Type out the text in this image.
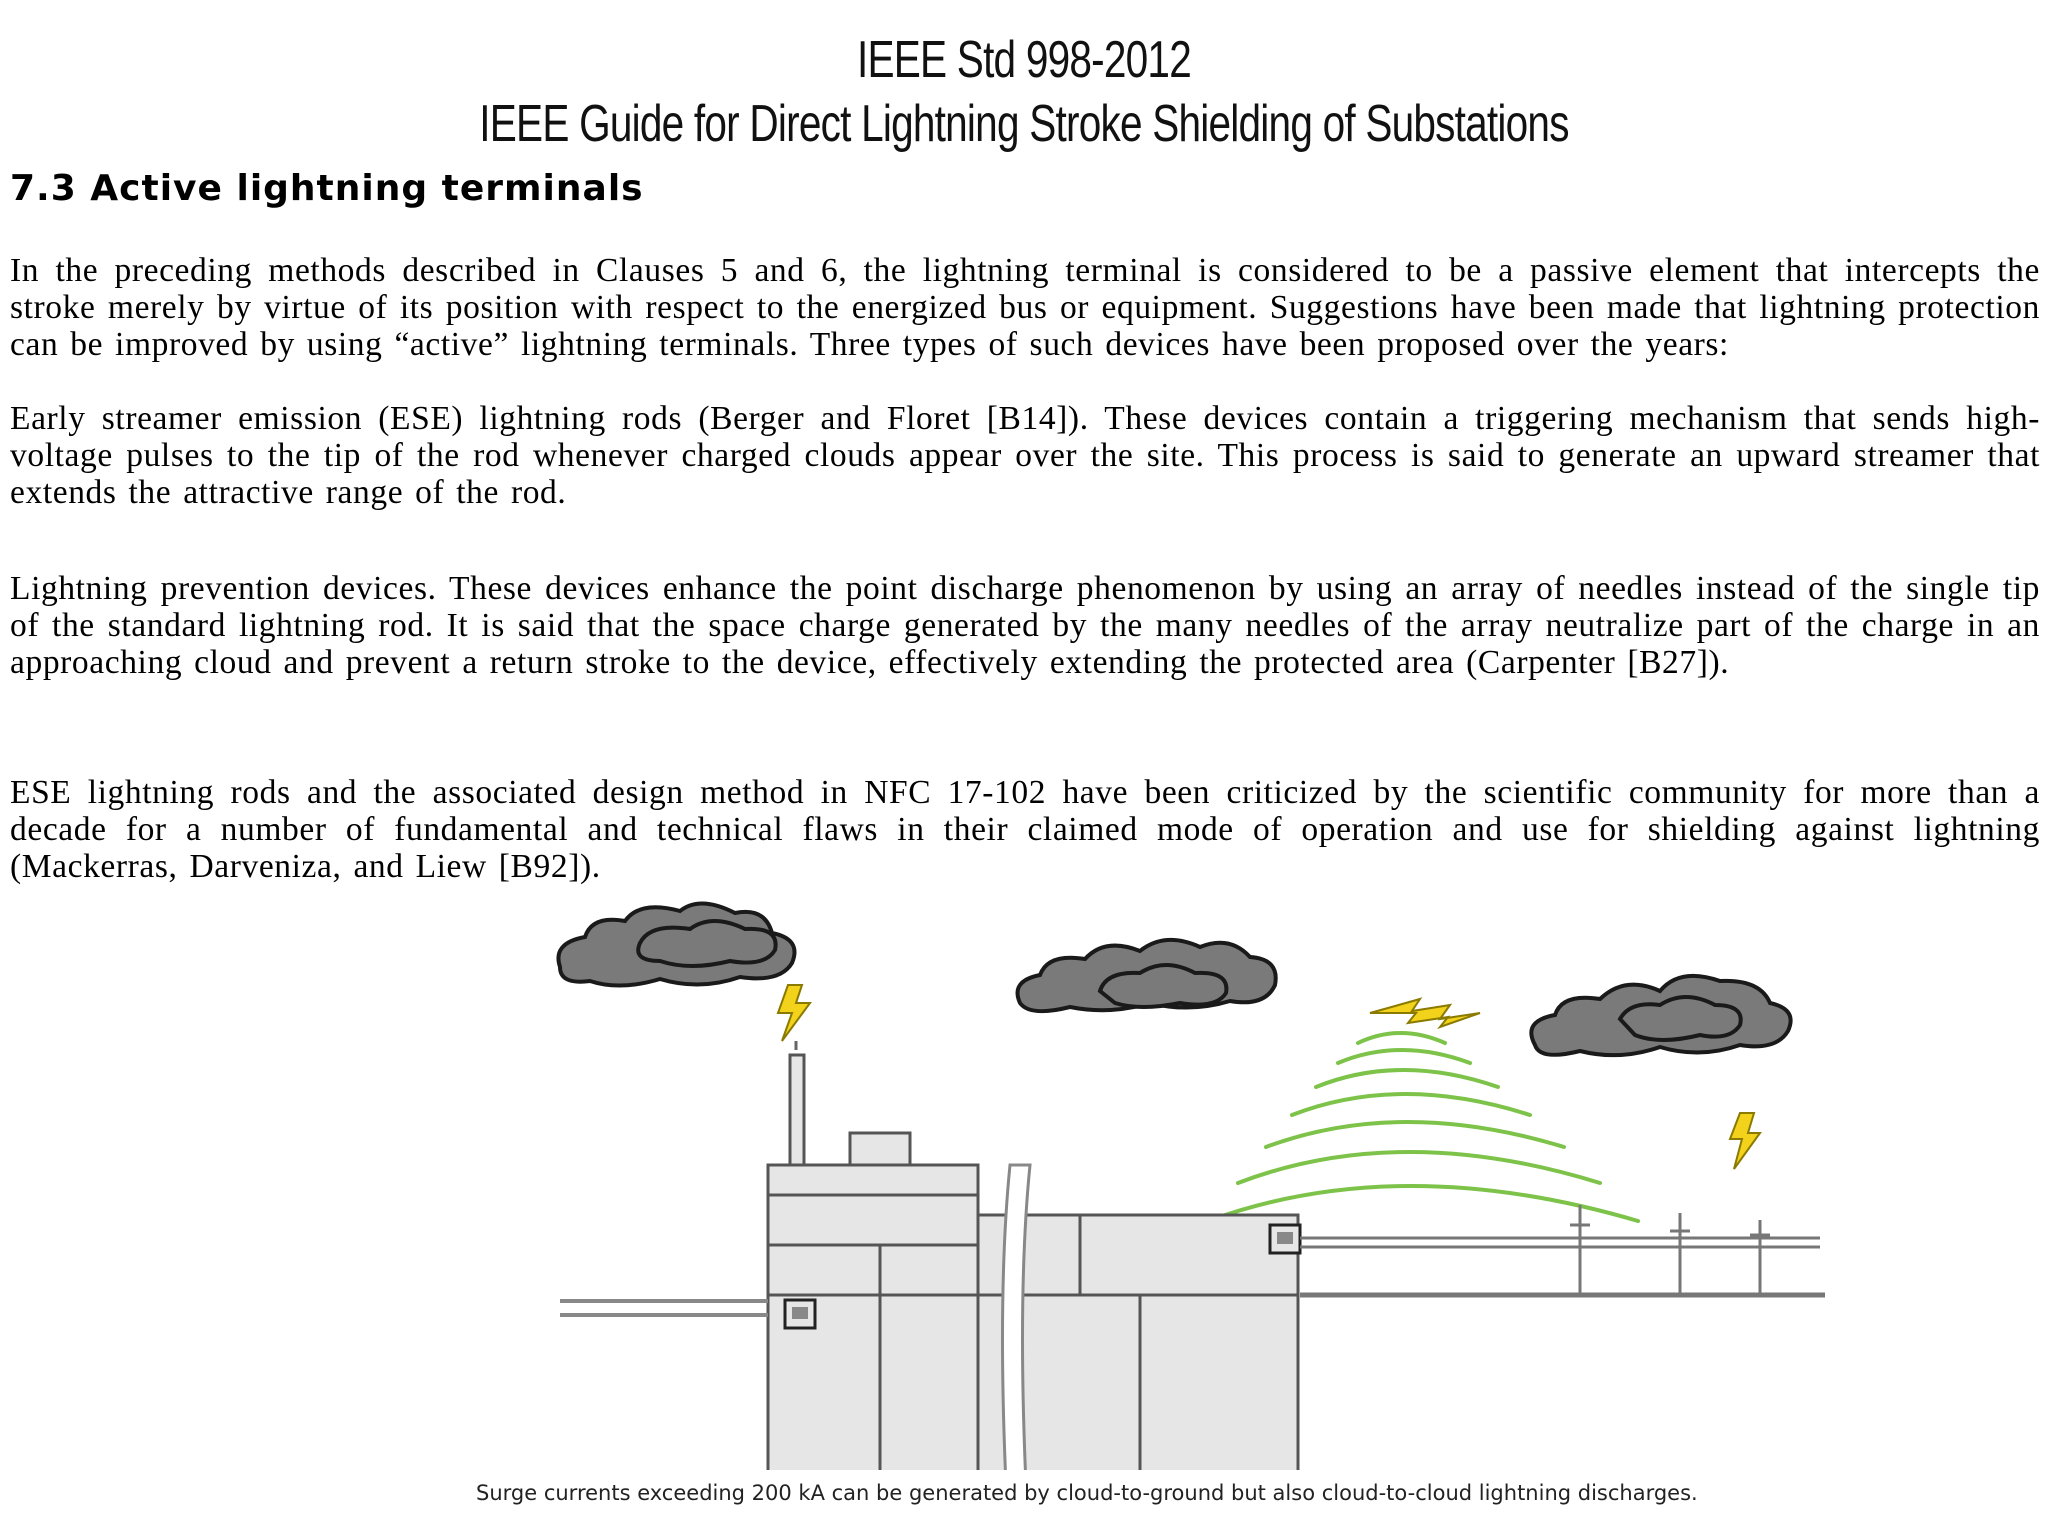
IEEE Std 998-2012
IEEE Guide for Direct Lightning Stroke Shielding of Substations
7.3 Active lightning terminals

In the preceding methods described in Clauses 5 and 6, the lightning terminal is considered to be a passive element that intercepts the stroke merely by virtue of its position with respect to the energized bus or equipment. Suggestions have been made that lightning protection can be improved by using “active” lightning terminals. Three types of such devices have been proposed over the years:

Early streamer emission (ESE) lightning rods (Berger and Floret [B14]). These devices contain a triggering mechanism that sends high-voltage pulses to the tip of the rod whenever charged clouds appear over the site. This process is said to generate an upward streamer that extends the attractive range of the rod.

Lightning prevention devices. These devices enhance the point discharge phenomenon by using an array of needles instead of the single tip of the standard lightning rod. It is said that the space charge generated by the many needles of the array neutralize part of the charge in an approaching cloud and prevent a return stroke to the device, effectively extending the protected area (Carpenter [B27]).

ESE lightning rods and the associated design method in NFC 17-102 have been criticized by the scientific community for more than a decade for a number of fundamental and technical flaws in their claimed mode of operation and use for shielding against lightning (Mackerras, Darveniza, and Liew [B92]).

Surge currents exceeding 200 kA can be generated by cloud-to-ground but also cloud-to-cloud lightning discharges.
